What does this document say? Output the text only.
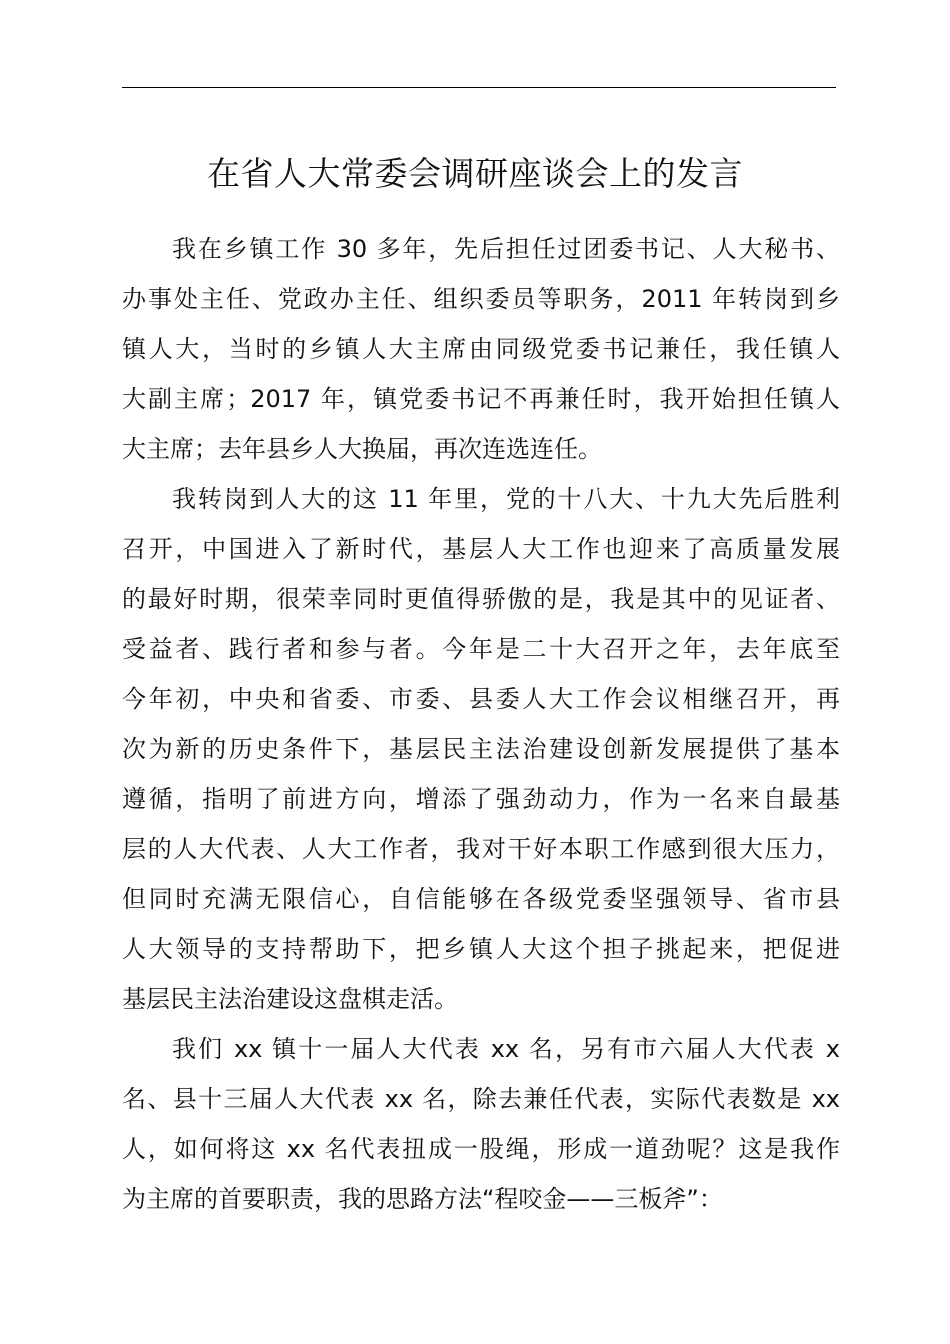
在省人大常委会调研座谈会上的发言

我在乡镇工作 30 多年，先后担任过团委书记、人大秘书、
办事处主任、党政办主任、组织委员等职务，2011 年转岗到乡
镇人大，当时的乡镇人大主席由同级党委书记兼任，我任镇人
大副主席；2017 年，镇党委书记不再兼任时，我开始担任镇人
大主席；去年县乡人大换届，再次连选连任。

我转岗到人大的这 11 年里，党的十八大、十九大先后胜利
召开，中国进入了新时代，基层人大工作也迎来了高质量发展
的最好时期，很荣幸同时更值得骄傲的是，我是其中的见证者、
受益者、践行者和参与者。今年是二十大召开之年，去年底至
今年初，中央和省委、市委、县委人大工作会议相继召开，再
次为新的历史条件下，基层民主法治建设创新发展提供了基本
遵循，指明了前进方向，增添了强劲动力，作为一名来自最基
层的人大代表、人大工作者，我对干好本职工作感到很大压力，
但同时充满无限信心，自信能够在各级党委坚强领导、省市县
人大领导的支持帮助下，把乡镇人大这个担子挑起来，把促进
基层民主法治建设这盘棋走活。

我们 xx 镇十一届人大代表 xx 名，另有市六届人大代表 x
名、县十三届人大代表 xx 名，除去兼任代表，实际代表数是 xx
人，如何将这 xx 名代表扭成一股绳，形成一道劲呢？这是我作
为主席的首要职责，我的思路方法“程咬金——三板斧”：
